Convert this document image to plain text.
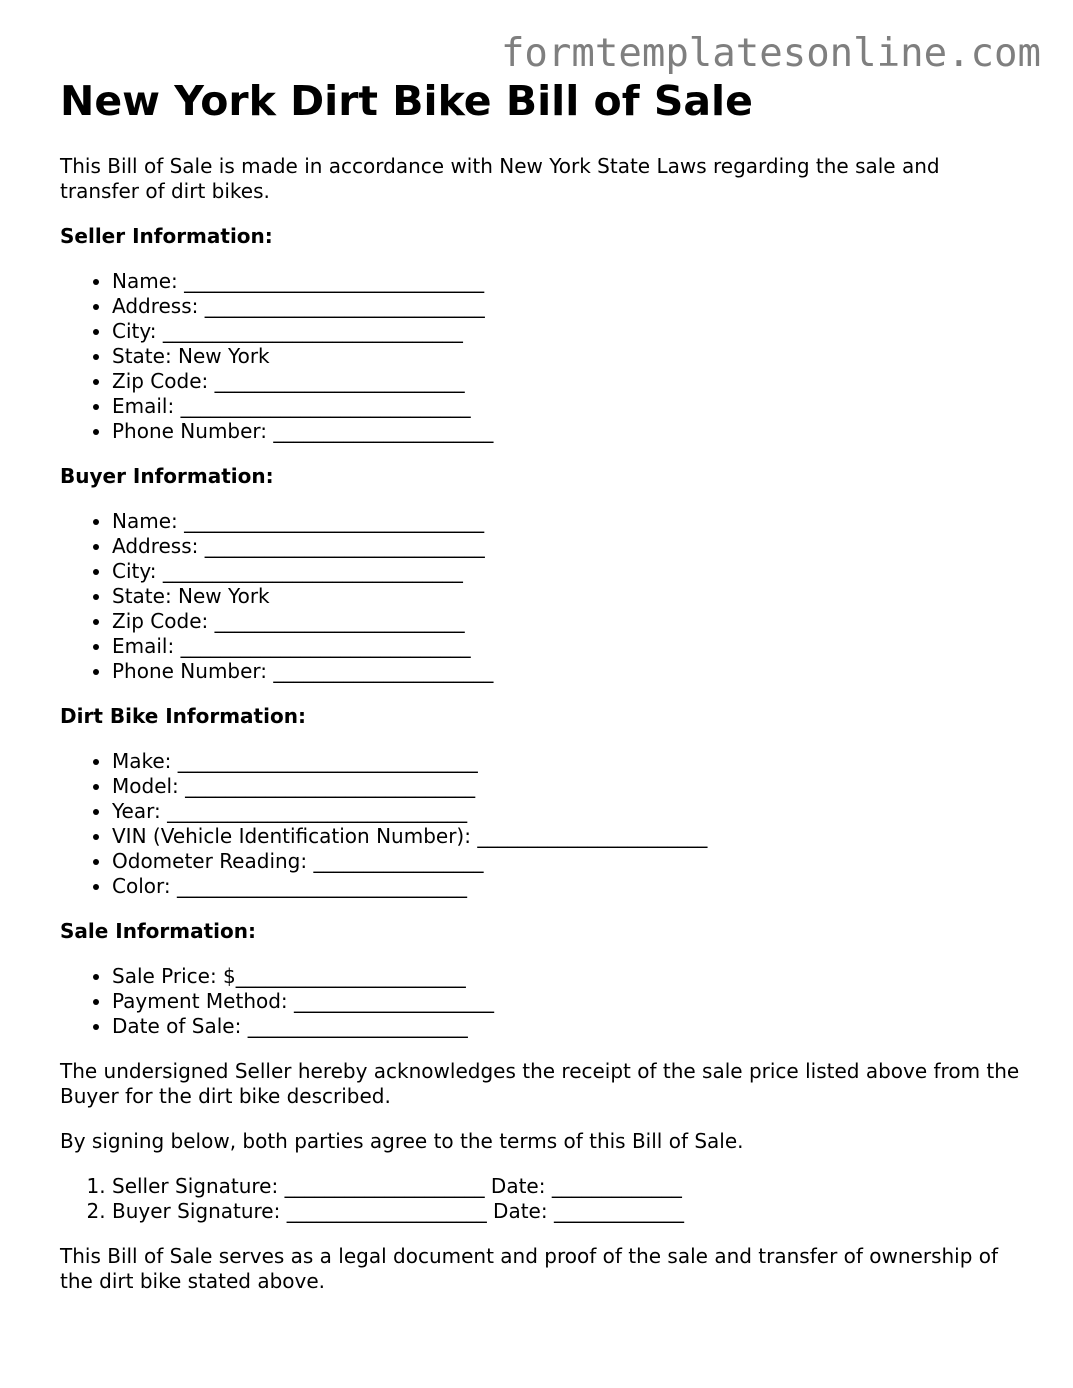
formtemplatesonline.com
New York Dirt Bike Bill of Sale

This Bill of Sale is made in accordance with New York State Laws regarding the sale and transfer of dirt bikes.

Seller Information:
• Name: ______________________________
• Address: ____________________________
• City: ______________________________
• State: New York
• Zip Code: _________________________
• Email: _____________________________
• Phone Number: ______________________
Buyer Information:
• Name: ______________________________
• Address: ____________________________
• City: ______________________________
• State: New York
• Zip Code: _________________________
• Email: _____________________________
• Phone Number: ______________________
Dirt Bike Information:
• Make: ______________________________
• Model: _____________________________
• Year: ______________________________
• VIN (Vehicle Identification Number): _______________________
• Odometer Reading: _________________
• Color: _____________________________
Sale Information:
• Sale Price: $_______________________
• Payment Method: ____________________
• Date of Sale: ______________________

The undersigned Seller hereby acknowledges the receipt of the sale price listed above from the Buyer for the dirt bike described.

By signing below, both parties agree to the terms of this Bill of Sale.

1. Seller Signature: ____________________ Date: _____________
2. Buyer Signature: ____________________ Date: _____________

This Bill of Sale serves as a legal document and proof of the sale and transfer of ownership of the dirt bike stated above.
